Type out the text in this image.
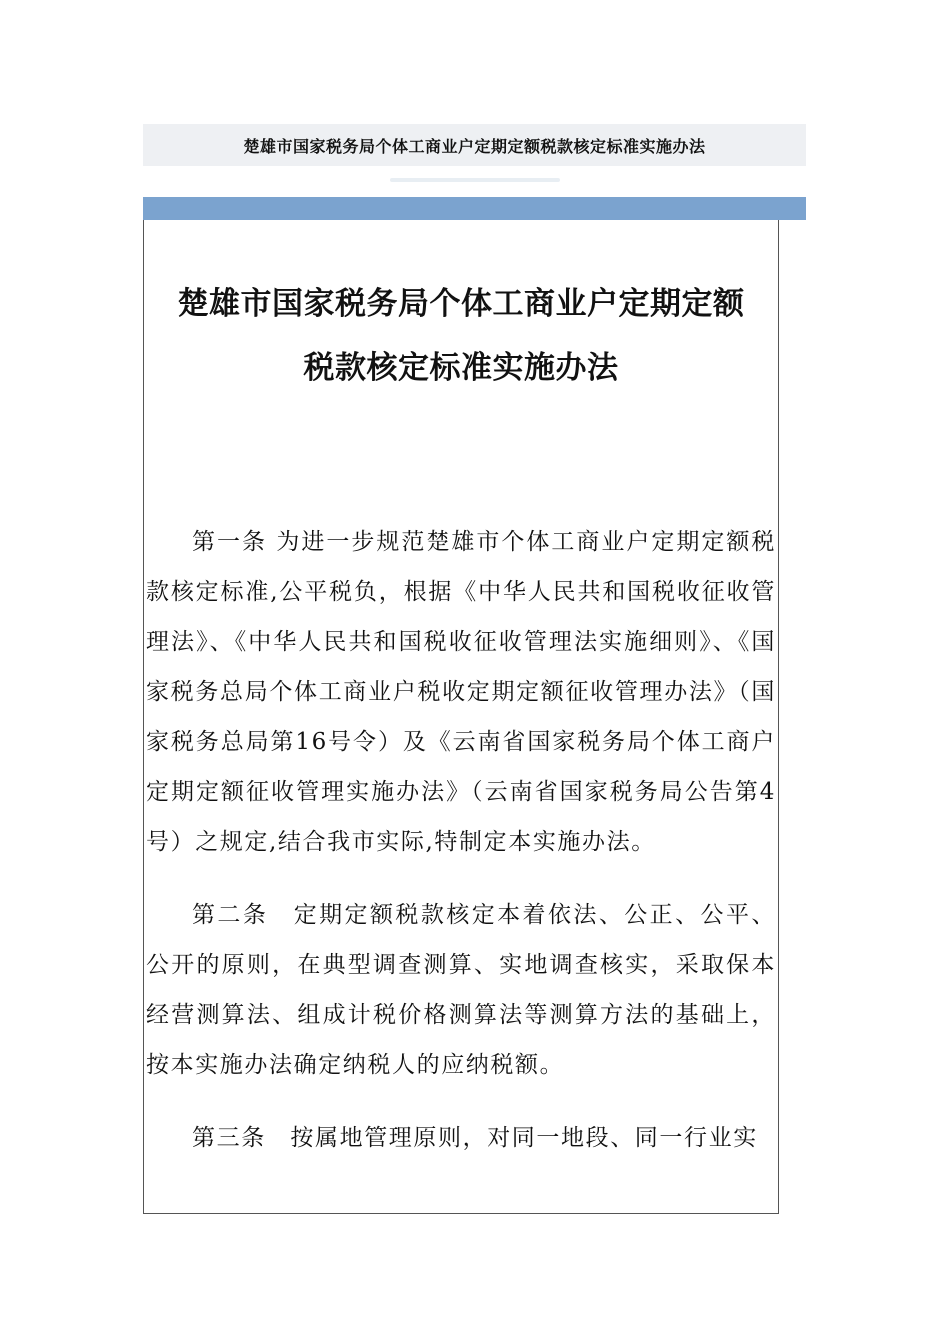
楚雄市国家税务局个体工商业户定期定额税款核定标准实施办法
楚雄市国家税务局个体工商业户定期定额
税款核定标准实施办法

第一条 为进一步规范楚雄市个体工商业户定期定额税款核定标准,公平税负，根据《中华人民共和国税收征收管理法》、《中华人民共和国税收征收管理法实施细则》、《国家税务总局个体工商业户税收定期定额征收管理办法》（国家税务总局第16号令）及《云南省国家税务局个体工商户定期定额征收管理实施办法》（云南省国家税务局公告第4号）之规定,结合我市实际,特制定本实施办法。

第二条　定期定额税款核定本着依法、公正、公平、公开的原则，在典型调查测算、实地调查核实，采取保本经营测算法、组成计税价格测算法等测算方法的基础上，按本实施办法确定纳税人的应纳税额。

第三条　按属地管理原则，对同一地段、同一行业实
